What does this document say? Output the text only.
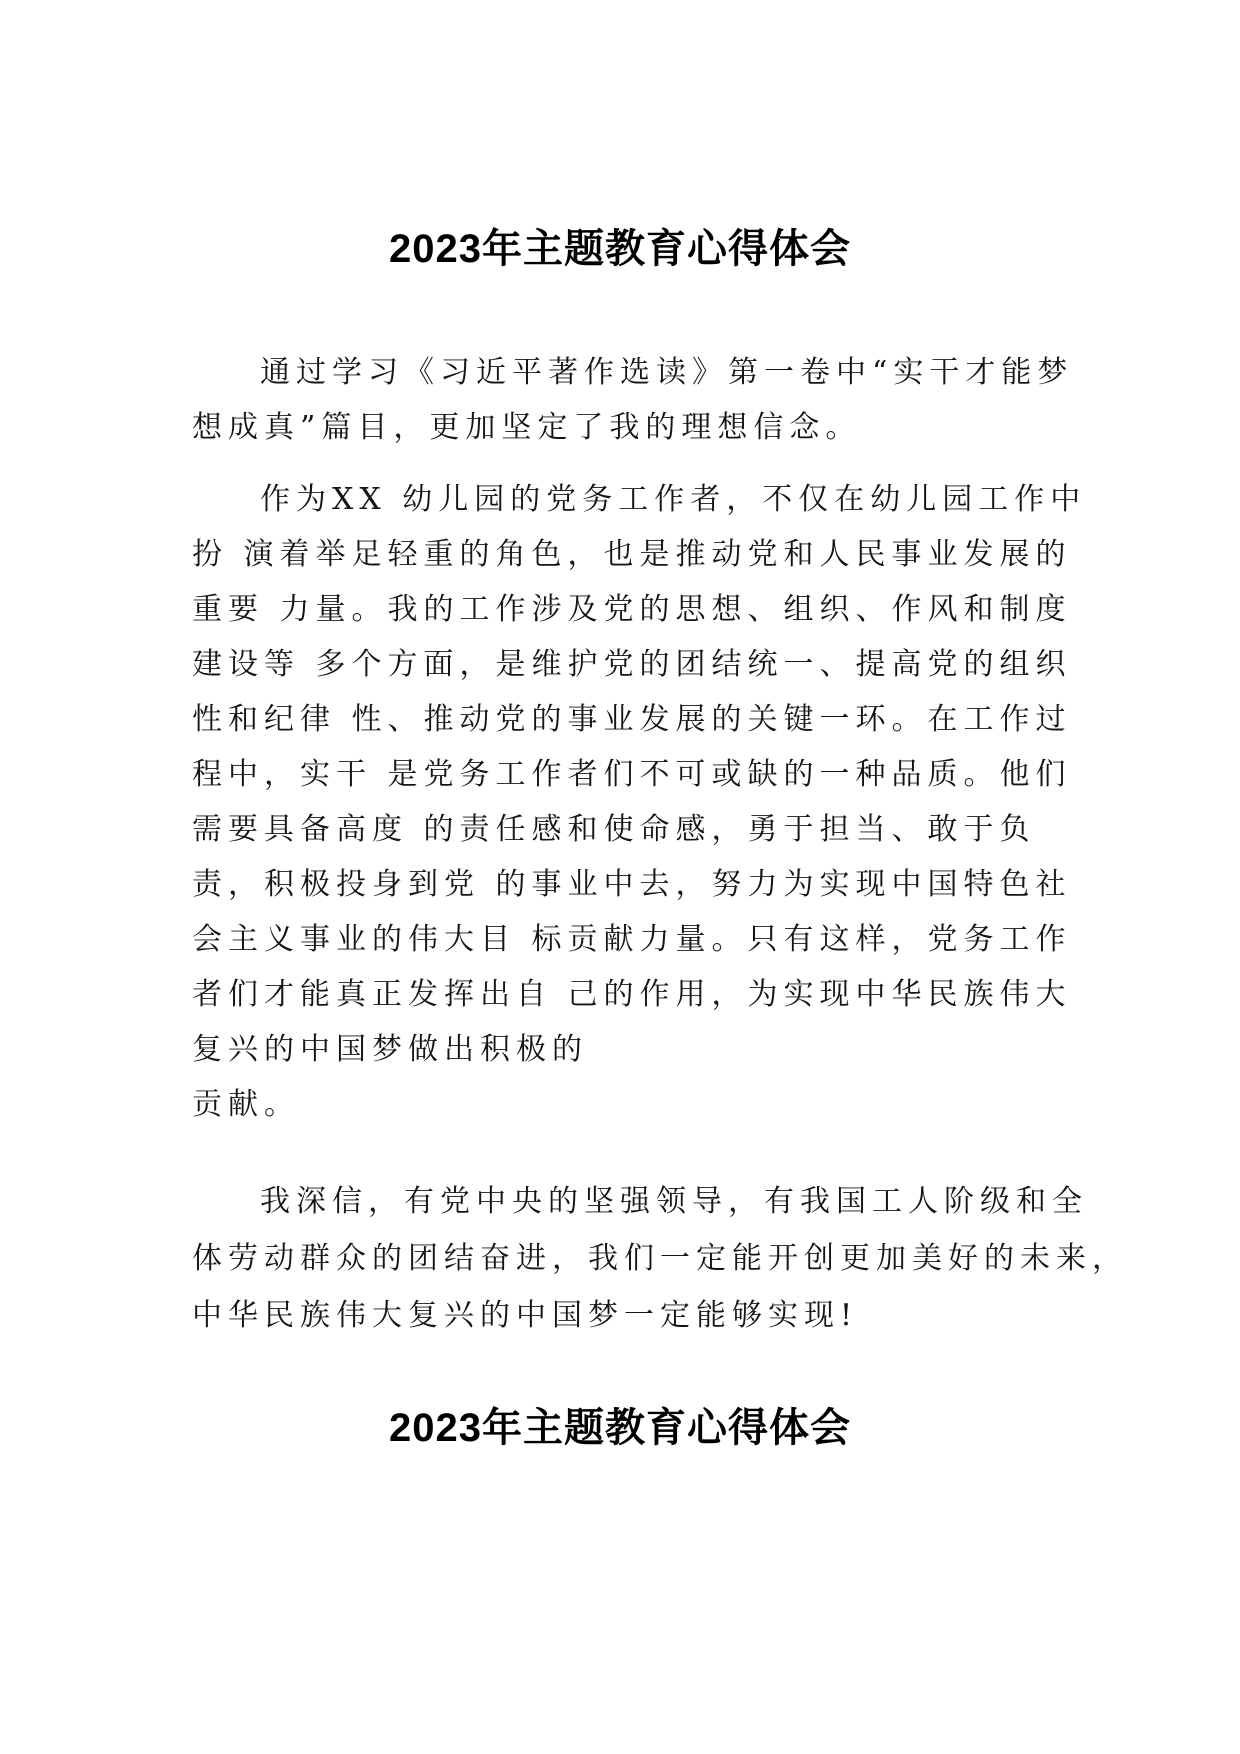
2023年主题教育心得体会

通过学习《习近平著作选读》第一卷中“实干才能梦
想成真”篇目，更加坚定了我的理想信念。

作为XX 幼儿园的党务工作者，不仅在幼儿园工作中
扮 演着举足轻重的角色，也是推动党和人民事业发展的
重要 力量。我的工作涉及党的思想、组织、作风和制度
建设等 多个方面，是维护党的团结统一、提高党的组织
性和纪律 性、推动党的事业发展的关键一环。在工作过
程中，实干 是党务工作者们不可或缺的一种品质。他们
需要具备高度 的责任感和使命感，勇于担当、敢于负
责，积极投身到党 的事业中去，努力为实现中国特色社
会主义事业的伟大目 标贡献力量。只有这样，党务工作
者们才能真正发挥出自 己的作用，为实现中华民族伟大
复兴的中国梦做出积极的
贡献。

我深信，有党中央的坚强领导，有我国工人阶级和全
体劳动群众的团结奋进，我们一定能开创更加美好的未来，
中华民族伟大复兴的中国梦一定能够实现!

2023年主题教育心得体会
